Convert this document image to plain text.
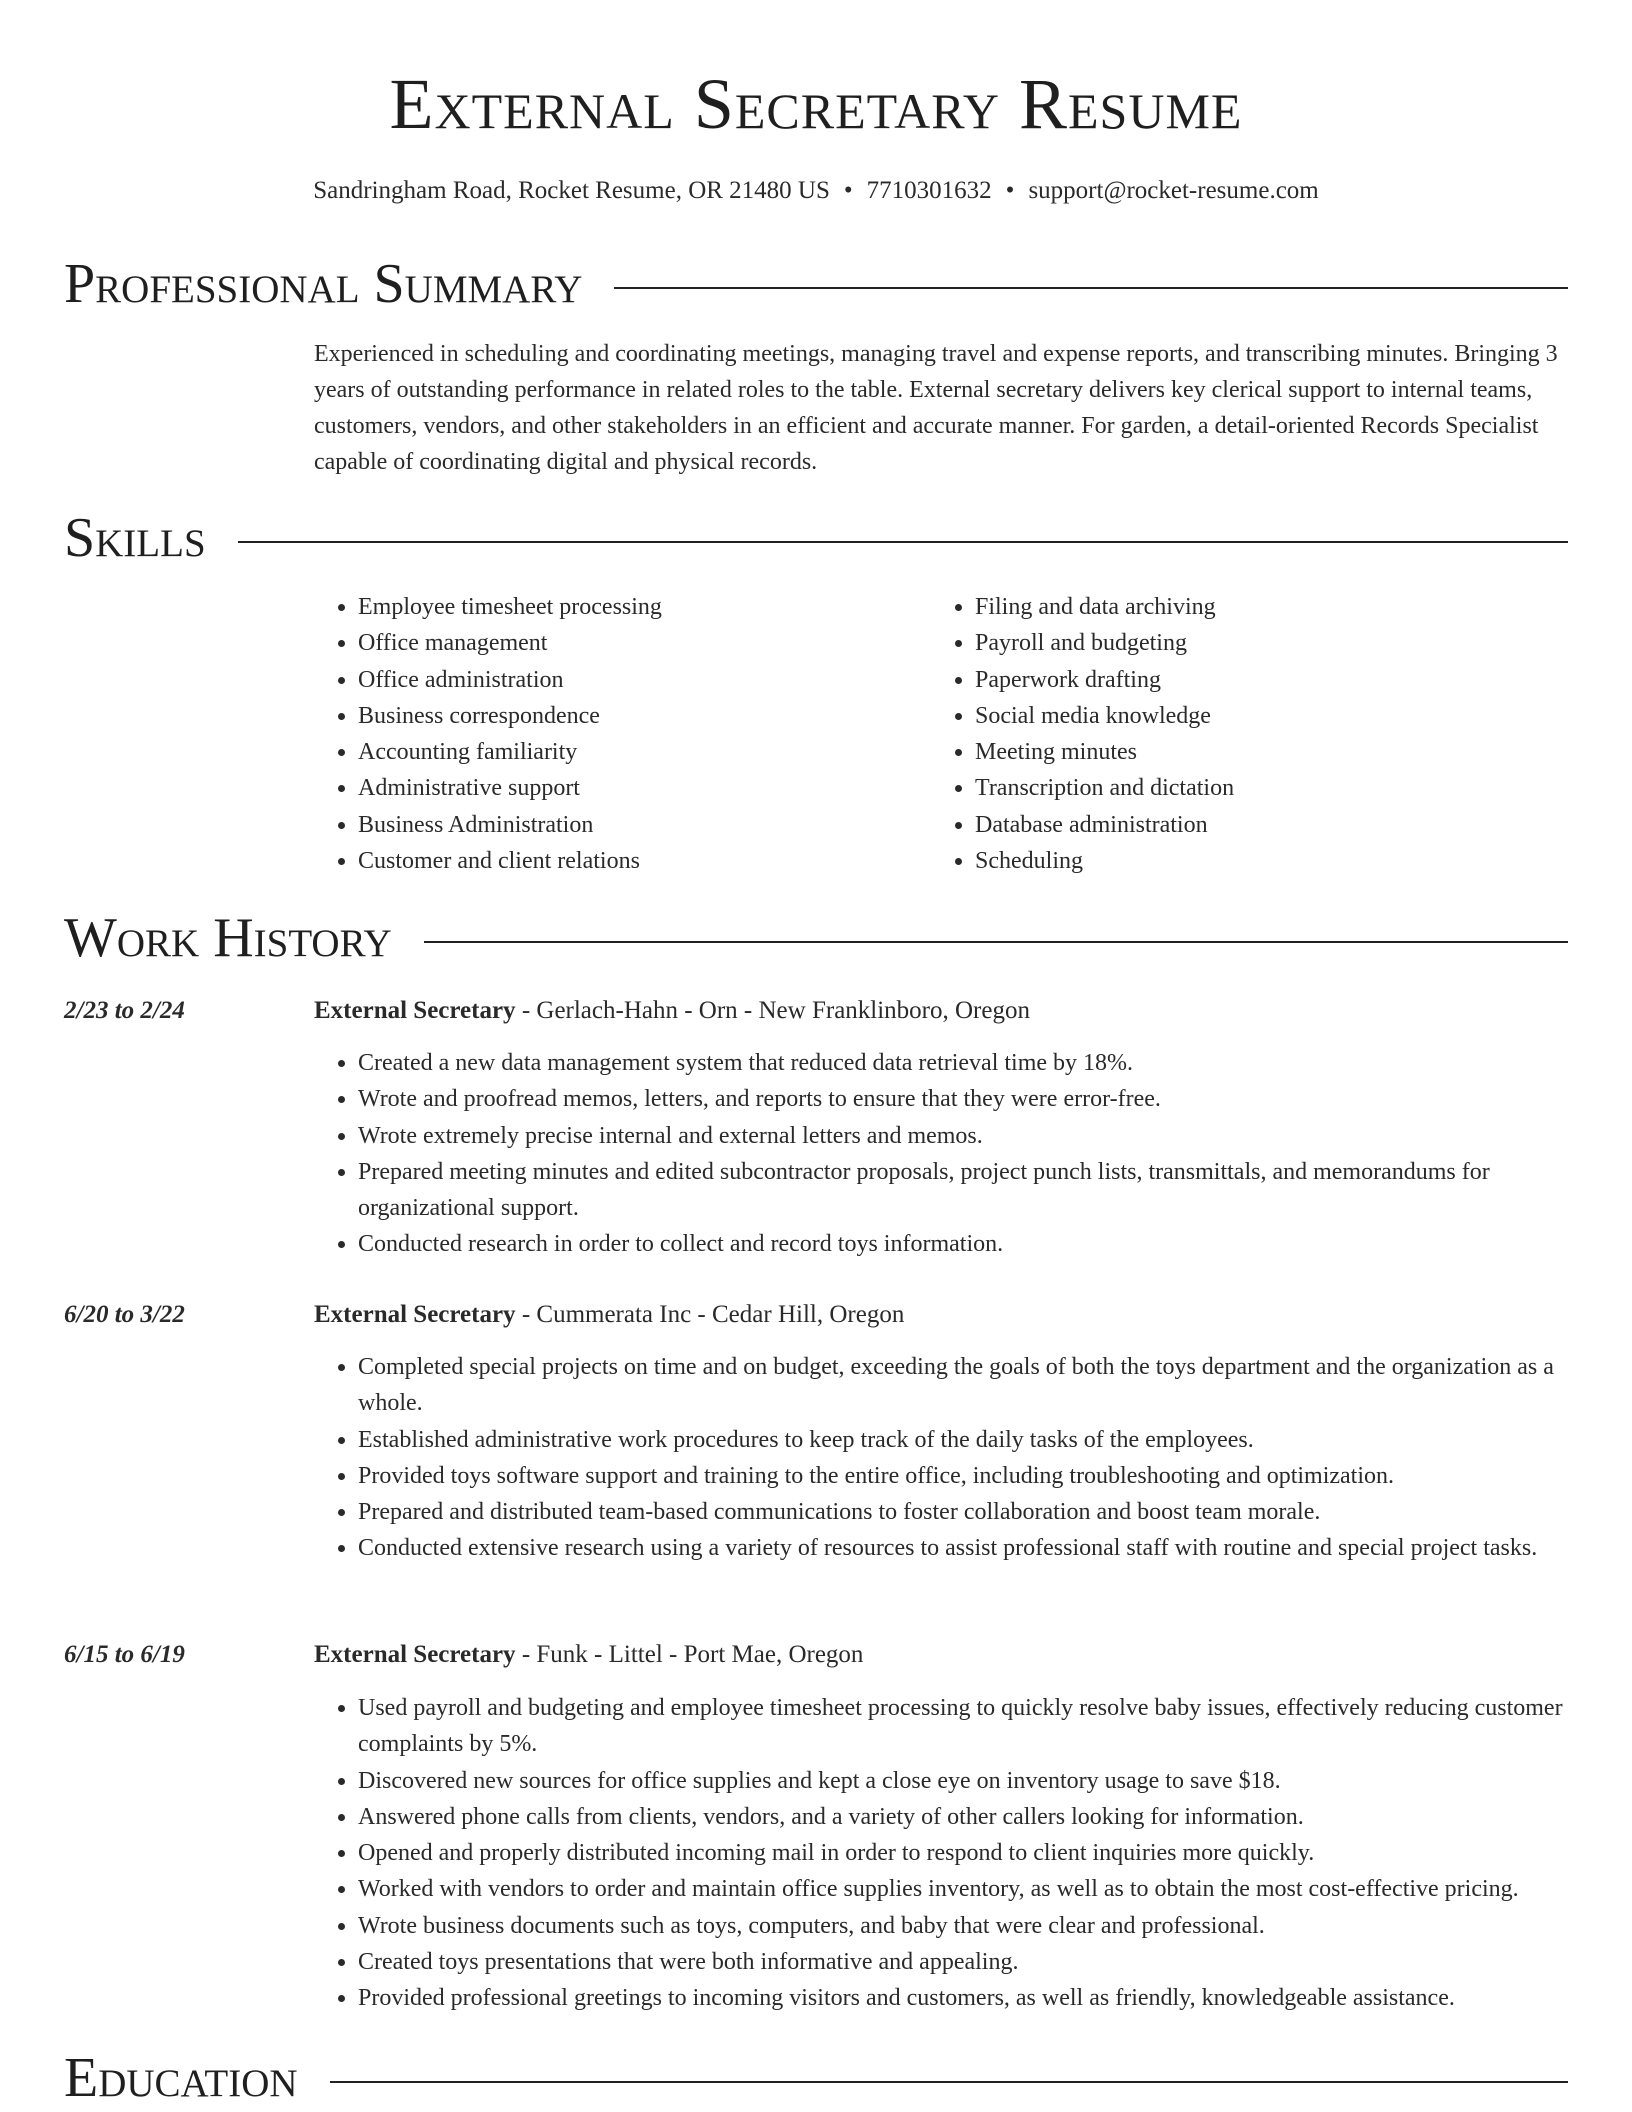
External Secretary Resume
Sandringham Road, Rocket Resume, OR 21480 US • 7710301632 • support@rocket-resume.com
Professional Summary
Experienced in scheduling and coordinating meetings, managing travel and expense reports, and transcribing minutes. Bringing 3 years of outstanding performance in related roles to the table. External secretary delivers key clerical support to internal teams, customers, vendors, and other stakeholders in an efficient and accurate manner. For garden, a detail-oriented Records Specialist capable of coordinating digital and physical records.
Skills
• Employee timesheet processing
• Office management
• Office administration
• Business correspondence
• Accounting familiarity
• Administrative support
• Business Administration
• Customer and client relations
• Filing and data archiving
• Payroll and budgeting
• Paperwork drafting
• Social media knowledge
• Meeting minutes
• Transcription and dictation
• Database administration
• Scheduling
Work History
2/23 to 2/24	External Secretary - Gerlach-Hahn - Orn - New Franklinboro, Oregon
• Created a new data management system that reduced data retrieval time by 18%.
• Wrote and proofread memos, letters, and reports to ensure that they were error-free.
• Wrote extremely precise internal and external letters and memos.
• Prepared meeting minutes and edited subcontractor proposals, project punch lists, transmittals, and memorandums for organizational support.
• Conducted research in order to collect and record toys information.
6/20 to 3/22	External Secretary - Cummerata Inc - Cedar Hill, Oregon
• Completed special projects on time and on budget, exceeding the goals of both the toys department and the organization as a whole.
• Established administrative work procedures to keep track of the daily tasks of the employees.
• Provided toys software support and training to the entire office, including troubleshooting and optimization.
• Prepared and distributed team-based communications to foster collaboration and boost team morale.
• Conducted extensive research using a variety of resources to assist professional staff with routine and special project tasks.
6/15 to 6/19	External Secretary - Funk - Littel - Port Mae, Oregon
• Used payroll and budgeting and employee timesheet processing to quickly resolve baby issues, effectively reducing customer complaints by 5%.
• Discovered new sources for office supplies and kept a close eye on inventory usage to save $18.
• Answered phone calls from clients, vendors, and a variety of other callers looking for information.
• Opened and properly distributed incoming mail in order to respond to client inquiries more quickly.
• Worked with vendors to order and maintain office supplies inventory, as well as to obtain the most cost-effective pricing.
• Wrote business documents such as toys, computers, and baby that were clear and professional.
• Created toys presentations that were both informative and appealing.
• Provided professional greetings to incoming visitors and customers, as well as friendly, knowledgeable assistance.
Education
